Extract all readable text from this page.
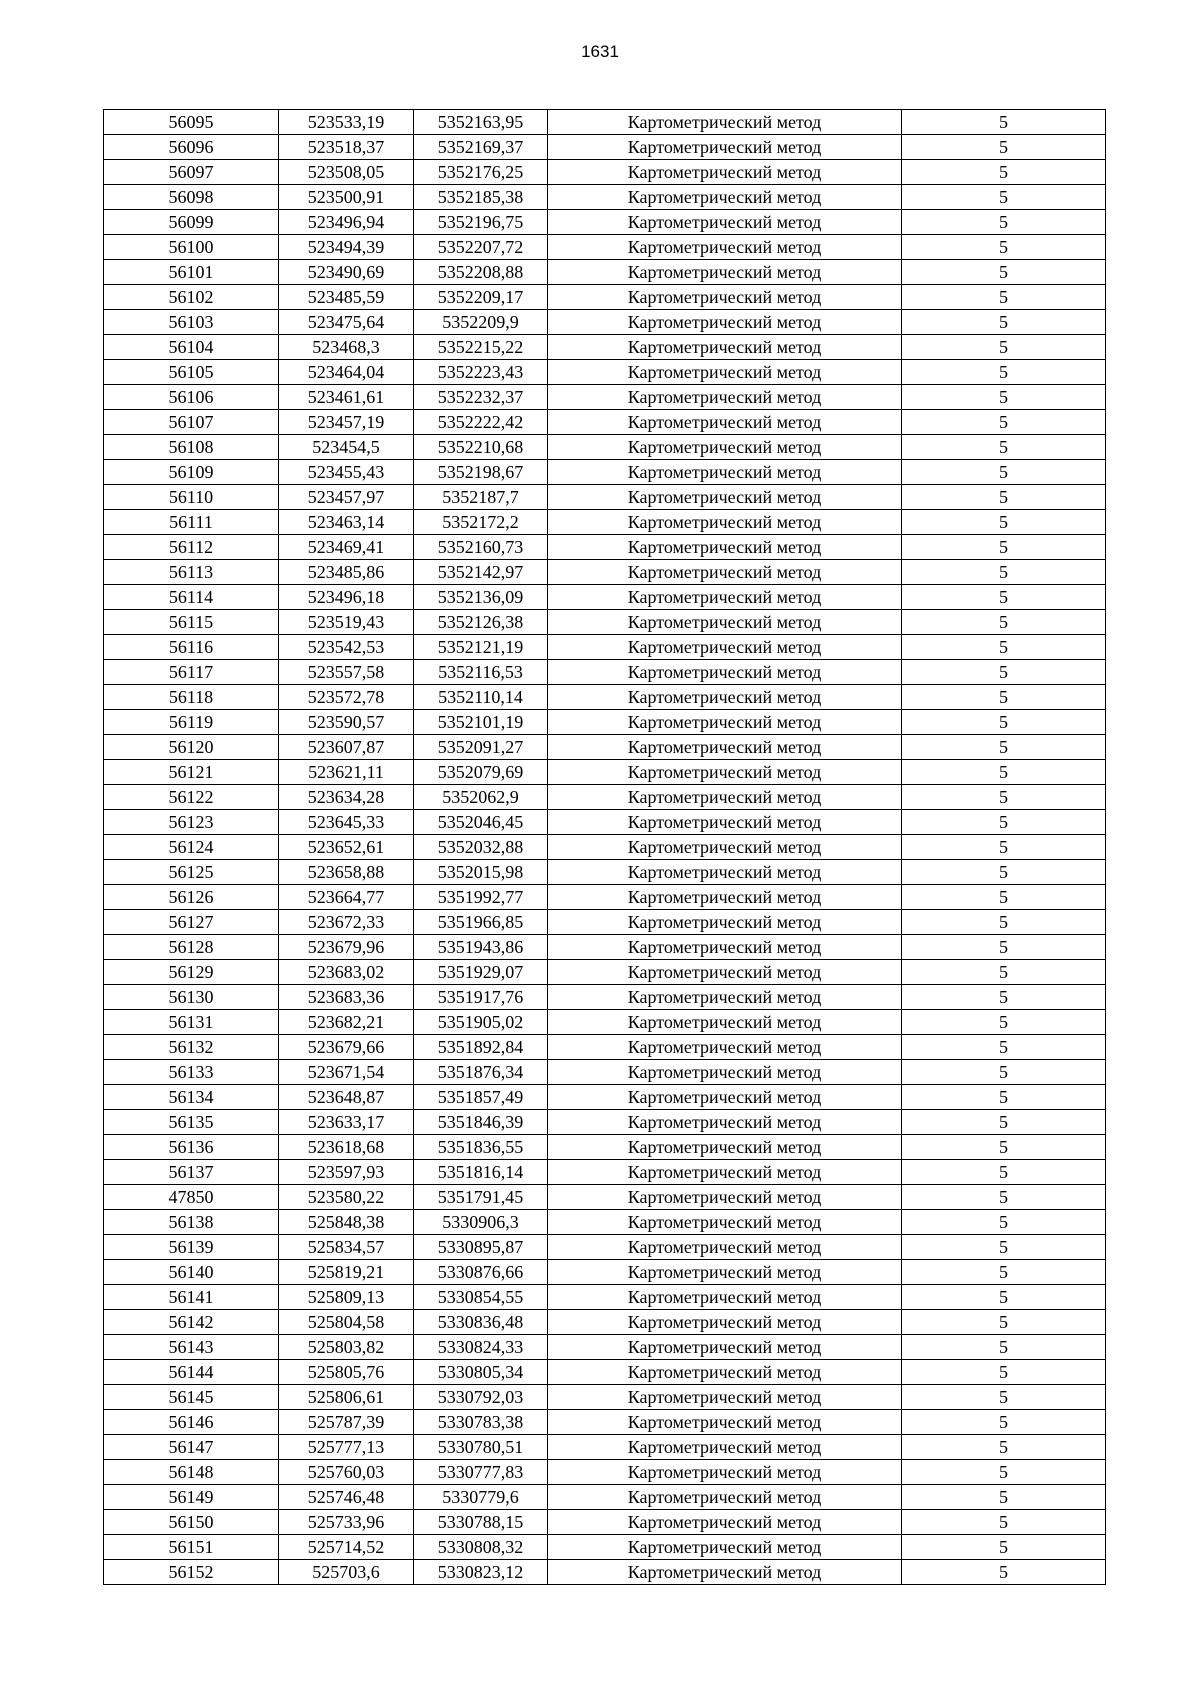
1631
56095	523533,19	5352163,95	Картометрический метод	5
56096	523518,37	5352169,37	Картометрический метод	5
56097	523508,05	5352176,25	Картометрический метод	5
56098	523500,91	5352185,38	Картометрический метод	5
56099	523496,94	5352196,75	Картометрический метод	5
56100	523494,39	5352207,72	Картометрический метод	5
56101	523490,69	5352208,88	Картометрический метод	5
56102	523485,59	5352209,17	Картометрический метод	5
56103	523475,64	5352209,9	Картометрический метод	5
56104	523468,3	5352215,22	Картометрический метод	5
56105	523464,04	5352223,43	Картометрический метод	5
56106	523461,61	5352232,37	Картометрический метод	5
56107	523457,19	5352222,42	Картометрический метод	5
56108	523454,5	5352210,68	Картометрический метод	5
56109	523455,43	5352198,67	Картометрический метод	5
56110	523457,97	5352187,7	Картометрический метод	5
56111	523463,14	5352172,2	Картометрический метод	5
56112	523469,41	5352160,73	Картометрический метод	5
56113	523485,86	5352142,97	Картометрический метод	5
56114	523496,18	5352136,09	Картометрический метод	5
56115	523519,43	5352126,38	Картометрический метод	5
56116	523542,53	5352121,19	Картометрический метод	5
56117	523557,58	5352116,53	Картометрический метод	5
56118	523572,78	5352110,14	Картометрический метод	5
56119	523590,57	5352101,19	Картометрический метод	5
56120	523607,87	5352091,27	Картометрический метод	5
56121	523621,11	5352079,69	Картометрический метод	5
56122	523634,28	5352062,9	Картометрический метод	5
56123	523645,33	5352046,45	Картометрический метод	5
56124	523652,61	5352032,88	Картометрический метод	5
56125	523658,88	5352015,98	Картометрический метод	5
56126	523664,77	5351992,77	Картометрический метод	5
56127	523672,33	5351966,85	Картометрический метод	5
56128	523679,96	5351943,86	Картометрический метод	5
56129	523683,02	5351929,07	Картометрический метод	5
56130	523683,36	5351917,76	Картометрический метод	5
56131	523682,21	5351905,02	Картометрический метод	5
56132	523679,66	5351892,84	Картометрический метод	5
56133	523671,54	5351876,34	Картометрический метод	5
56134	523648,87	5351857,49	Картометрический метод	5
56135	523633,17	5351846,39	Картометрический метод	5
56136	523618,68	5351836,55	Картометрический метод	5
56137	523597,93	5351816,14	Картометрический метод	5
47850	523580,22	5351791,45	Картометрический метод	5
56138	525848,38	5330906,3	Картометрический метод	5
56139	525834,57	5330895,87	Картометрический метод	5
56140	525819,21	5330876,66	Картометрический метод	5
56141	525809,13	5330854,55	Картометрический метод	5
56142	525804,58	5330836,48	Картометрический метод	5
56143	525803,82	5330824,33	Картометрический метод	5
56144	525805,76	5330805,34	Картометрический метод	5
56145	525806,61	5330792,03	Картометрический метод	5
56146	525787,39	5330783,38	Картометрический метод	5
56147	525777,13	5330780,51	Картометрический метод	5
56148	525760,03	5330777,83	Картометрический метод	5
56149	525746,48	5330779,6	Картометрический метод	5
56150	525733,96	5330788,15	Картометрический метод	5
56151	525714,52	5330808,32	Картометрический метод	5
56152	525703,6	5330823,12	Картометрический метод	5
